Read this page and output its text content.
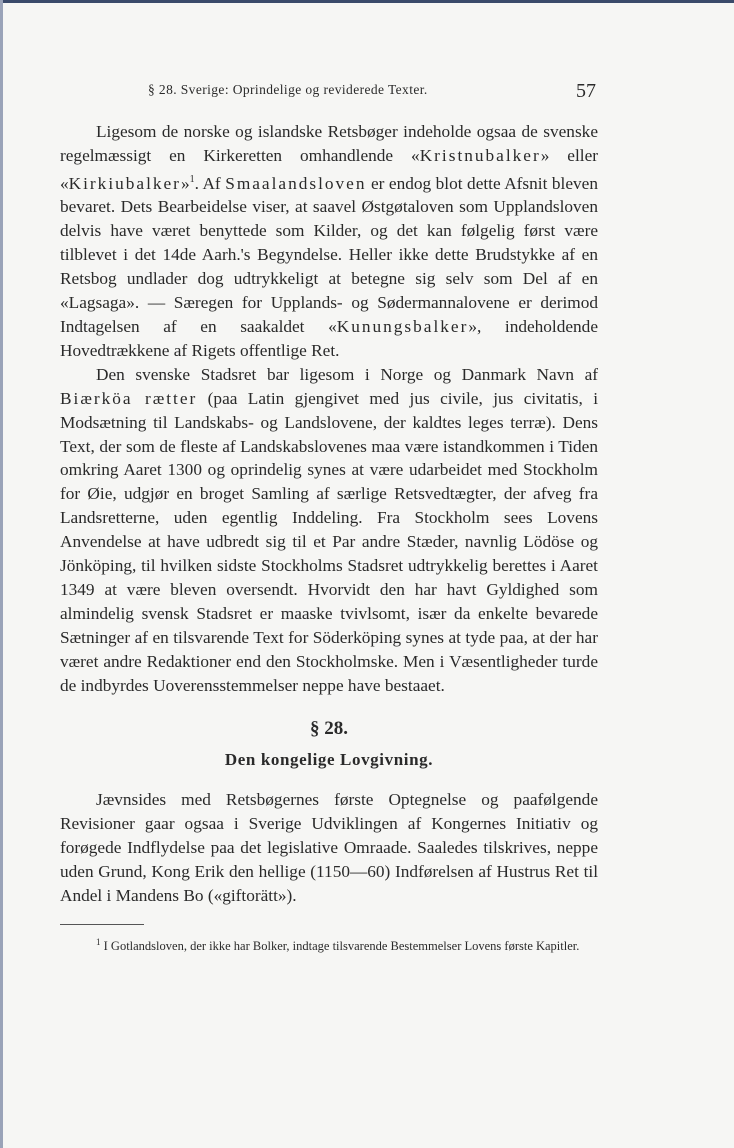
§ 28. Sverige: Oprindelige og reviderede Texter.	57

Ligesom de norske og islandske Retsbøger indeholde ogsaa de svenske regelmæssigt en Kirkeretten omhandlende «Kristnubalker» eller «Kirkiubalker»$^1$. Af Smaalandsloven er endog blot dette Afsnit bleven bevaret. Dets Bearbeidelse viser, at saavel Østgøtaloven som Upplandsloven delvis have været benyttede som Kilder, og det kan følgelig først være tilblevet i det 14de Aarh.'s Begyndelse. Heller ikke dette Brudstykke af en Retsbog undlader dog udtrykkeligt at betegne sig selv som Del af en «Lagsaga». — Særegen for Upplands- og Sødermannalovene er derimod Indtagelsen af en saakaldet «Kunungsbalker», indeholdende Hovedtrækkene af Rigets offentlige Ret.

Den svenske Stadsret bar ligesom i Norge og Danmark Navn af Biærköa rætter (paa Latin gjengivet med jus civile, jus civitatis, i Modsætning til Landskabs- og Landslovene, der kaldtes leges terræ). Dens Text, der som de fleste af Landskabslovenes maa være istandkommen i Tiden omkring Aaret 1300 og oprindelig synes at være udarbeidet med Stockholm for Øie, udgjør en broget Samling af særlige Retsvedtægter, der afveg fra Landsretterne, uden egentlig Inddeling. Fra Stockholm sees Lovens Anvendelse at have udbredt sig til et Par andre Stæder, navnlig Lödöse og Jönköping, til hvilken sidste Stockholms Stadsret udtrykkelig berettes i Aaret 1349 at være bleven oversendt. Hvorvidt den har havt Gyldighed som almindelig svensk Stadsret er maaske tvivlsomt, især da enkelte bevarede Sætninger af en tilsvarende Text for Söderköping synes at tyde paa, at der har været andre Redaktioner end den Stockholmske. Men i Væsentligheder turde de indbyrdes Uoverensstemmelser neppe have bestaaet.

§ 28.
Den kongelige Lovgivning.

Jævnsides med Retsbøgernes første Optegnelse og paafølgende Revisioner gaar ogsaa i Sverige Udviklingen af Kongernes Initiativ og forøgede Indflydelse paa det legislative Omraade. Saaledes tilskrives, neppe uden Grund, Kong Erik den hellige (1150—60) Indførelsen af Hustrus Ret til Andel i Mandens Bo («giftorätt»).

$^1$ I Gotlandsloven, der ikke har Bolker, indtage tilsvarende Bestemmelser Lovens første Kapitler.
